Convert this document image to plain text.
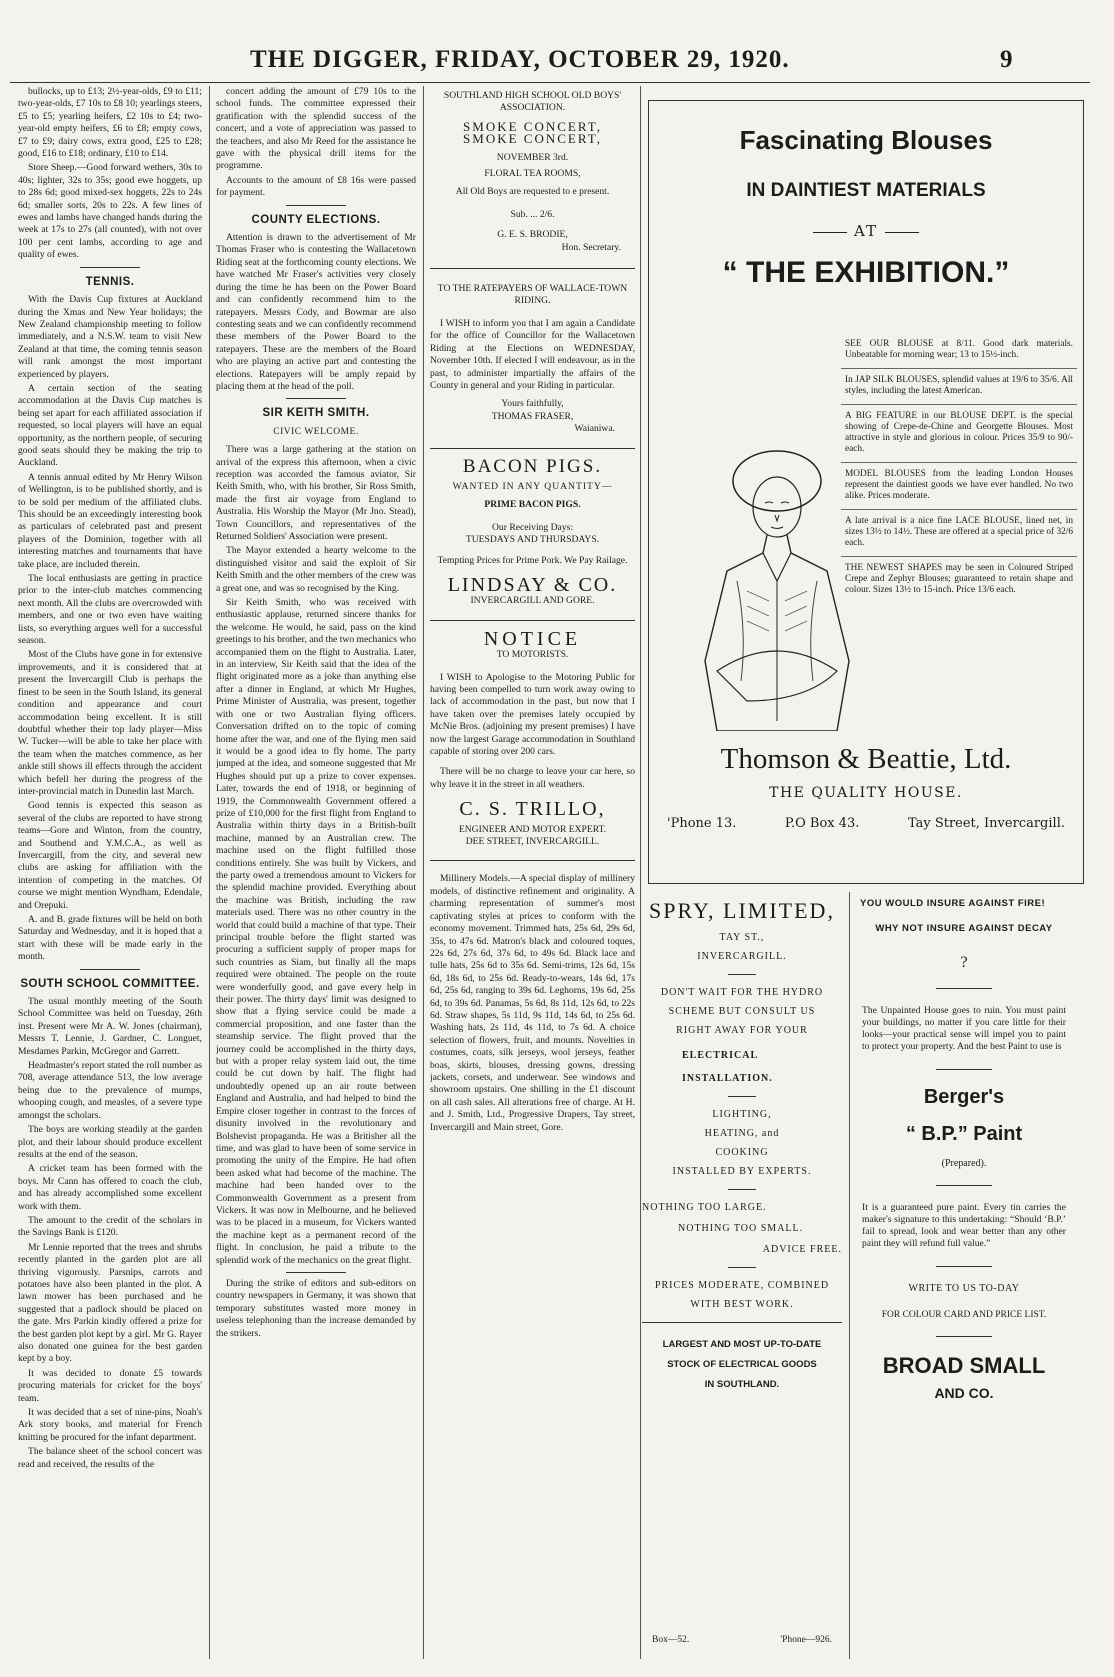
THE DIGGER, FRIDAY, OCTOBER 29, 1920.	9

bullocks, up to £13; 2½-year-olds, £9 to £11; two-year-olds, £7 10s to £8 10; yearlings steers, £5 to £5; yearling heifers, £2 10s to £4; two-year-old empty heifers, £6 to £8; empty cows, £7 to £9; dairy cows, extra good, £25 to £28; good, £16 to £18; ordinary, £10 to £14.

Store Sheep.—Good forward wethers, 30s to 40s; lighter, 32s to 35s; good ewe hoggets, up to 28s 6d; good mixed-sex hoggets, 22s to 24s 6d; smaller sorts, 20s to 22s. A few lines of ewes and lambs have changed hands during the week at 17s to 27s (all counted), with not over 100 per cent lambs, according to age and quality of ewes.

TENNIS.

With the Davis Cup fixtures at Auckland during the Xmas and New Year holidays; the New Zealand championship meeting to follow immediately, and a N.S.W. team to visit New Zealand at that time, the coming tennis season will rank amongst the most important experienced by players.

A certain section of the seating accommodation at the Davis Cup matches is being set apart for each affiliated association if requested, so local players will have an equal opportunity, as the northern people, of securing good seats should they be making the trip to Auckland.

A tennis annual edited by Mr Henry Wilson of Wellington, is to be published shortly, and is to be sold per medium of the affiliated clubs. This should be an exceedingly interesting book as particulars of celebrated past and present players of the Dominion, together with all interesting matches and tournaments that have take place, are included therein.

The local enthusiasts are getting in practice prior to the inter-club matches commencing next month. All the clubs are overcrowded with members, and one or two even have waiting lists, so everything argues well for a successful season.

Most of the Clubs have gone in for extensive improvements, and it is considered that at present the Invercargill Club is perhaps the finest to be seen in the South Island, its general condition and appearance and court accommodation being excellent. It is still doubtful whether their top lady player—Miss W. Tucker—will be able to take her place with the team when the matches commence, as her ankle still shows ill effects through the accident which befell her during the progress of the inter-provincial match in Dunedin last March.

Good tennis is expected this season as several of the clubs are reported to have strong teams—Gore and Winton, from the country, and Southend and Y.M.C.A., as well as Invercargill, from the city, and several new clubs are asking for affiliation with the intention of competing in the matches. Of course we might mention Wyndham, Edendale, and Orepuki.

A. and B. grade fixtures will be held on both Saturday and Wednesday, and it is hoped that a start with these will be made early in the month.

SOUTH SCHOOL COMMITTEE.

The usual monthly meeting of the South School Committee was held on Tuesday, 26th inst. Present were Mr A. W. Jones (chairman), Messrs T. Lennie, J. Gardner, C. Longuet, Mesdames Parkin, McGregor and Garrett.

Headmaster's report stated the roll number as 708, average attendance 513, the low average being due to the prevalence of mumps, whooping cough, and measles, of a severe type amongst the scholars.

The boys are working steadily at the garden plot, and their labour should produce excellent results at the end of the season.

A cricket team has been formed with the boys. Mr Cann has offered to coach the club, and has already accomplished some excellent work with them.

The amount to the credit of the scholars in the Savings Bank is £120.

Mr Lennie reported that the trees and shrubs recently planted in the garden plot are all thriving vigorously. Parsnips, carrots and potatoes have also been planted in the plot. A lawn mower has been purchased and he suggested that a padlock should be placed on the gate. Mrs Parkin kindly offered a prize for the best garden plot kept by a girl. Mr G. Rayer also donated one guinea for the best garden kept by a boy.

It was decided to donate £5 towards procuring materials for cricket for the boys' team.

It was decided that a set of nine-pins, Noah's Ark story books, and material for French knitting be procured for the infant department.

The balance sheet of the school concert was read and received, the results of the

concert adding the amount of £79 10s to the school funds. The committee expressed their gratification with the splendid success of the concert, and a vote of appreciation was passed to the teachers, and also Mr Reed for the assistance he gave with the physical drill items for the programme.

Accounts to the amount of £8 16s were passed for payment.

COUNTY ELECTIONS.

Attention is drawn to the advertisement of Mr Thomas Fraser who is contesting the Wallacetown Riding seat at the forthcoming county elections. We have watched Mr Fraser's activities very closely during the time he has been on the Power Board and can confidently recommend him to the ratepayers. Messrs Cody, and Bowmar are also contesting seats and we can confidently recommend these members of the Power Board to the ratepayers. These are the members of the Board who are playing an active part and contesting the elections. Ratepayers will be amply repaid by placing them at the head of the poll.

SIR KEITH SMITH.
CIVIC WELCOME.

There was a large gathering at the station on arrival of the express this afternoon, when a civic reception was accorded the famous aviator, Sir Keith Smith, who, with his brother, Sir Ross Smith, made the first air voyage from England to Australia. His Worship the Mayor (Mr Jno. Stead), Town Councillors, and representatives of the Returned Soldiers' Association were present.

The Mayor extended a hearty welcome to the distinguished visitor and said the exploit of Sir Keith Smith and the other members of the crew was a great one, and was so recognised by the King.

Sir Keith Smith, who was received with enthusiastic applause, returned sincere thanks for the welcome. He would, he said, pass on the kind greetings to his brother, and the two mechanics who accompanied them on the flight to Australia. Later, in an interview, Sir Keith said that the idea of the flight originated more as a joke than anything else after a dinner in England, at which Mr Hughes, Prime Minister of Australia, was present, together with one or two Australian flying officers. Conversation drifted on to the topic of coming home after the war, and one of the flying men said it would be a good idea to fly home. The party jumped at the idea, and someone suggested that Mr Hughes should put up a prize to cover expenses. Later, towards the end of 1918, or beginning of 1919, the Commonwealth Government offered a prize of £10,000 for the first flight from England to Australia within thirty days in a British-built machine, manned by an Australian crew. The machine used on the flight fulfilled those conditions entirely. She was built by Vickers, and the party owed a tremendous amount to Vickers for the splendid machine provided. Everything about the machine was British, including the raw materials used. There was no other country in the world that could build a machine of that type. Their principal trouble before the flight started was procuring a sufficient supply of proper maps for such countries as Siam, but finally all the maps required were obtained. The people on the route were wonderfully good, and gave every help in their power. The thirty days' limit was designed to show that a flying service could be made a commercial proposition, and one faster than the steamship service. The flight proved that the journey could be accomplished in the thirty days, but with a proper relay system laid out, the time could be cut down by half. The flight had undoubtedly opened up an air route between England and Australia, and had helped to bind the Empire closer together in contrast to the forces of disunity involved in the revolutionary and Bolshevist propaganda. He was a Britisher all the time, and was glad to have been of some service in promoting the unity of the Empire. He had often been asked what had become of the machine. The machine had been handed over to the Commonwealth Government as a present from Vickers. It was now in Melbourne, and he believed was to be placed in a museum, for Vickers wanted the machine kept as a permanent record of the flight. In conclusion, he paid a tribute to the splendid work of the mechanics on the great flight.

During the strike of editors and sub-editors on country newspapers in Germany, it was shown that temporary substitutes wasted more money in useless telephoning than the increase demanded by the strikers.

SOUTHLAND HIGH SCHOOL OLD BOYS' ASSOCIATION.
SMOKE CONCERT,
SMOKE CONCERT,
NOVEMBER 3rd.
FLORAL TEA ROOMS,
All Old Boys are requested to e present.
Sub. ... 2/6.
G. E. S. BRODIE,
Hon. Secretary.
TO THE RATEPAYERS OF WALLACE-TOWN RIDING.

I WISH to inform you that I am again a Candidate for the office of Councillor for the Wallacetown Riding at the Elections on WEDNESDAY, November 10th. If elected I will endeavour, as in the past, to administer impartially the affairs of the County in general and your Riding in particular.

Yours faithfully,
THOMAS FRASER,
Waianiwa.
BACON PIGS.
WANTED IN ANY QUANTITY—
PRIME BACON PIGS.
Our Receiving Days:
TUESDAYS AND THURSDAYS.
Tempting Prices for Prime Pork. We Pay Railage.
LINDSAY & CO.
INVERCARGILL AND GORE.
NOTICE
TO MOTORISTS.

I WISH to Apologise to the Motoring Public for having been compelled to turn work away owing to lack of accommodation in the past, but now that I have taken over the premises lately occupied by McNie Bros. (adjoining my present premises) I have now the largest Garage accommodation in Southland capable of storing over 200 cars.

There will be no charge to leave your car here, so why leave it in the street in all weathers.

C. S. TRILLO,
ENGINEER AND MOTOR EXPERT.
DEE STREET, INVERCARGILL.

Millinery Models.—A special display of millinery models, of distinctive refinement and originality. A charming representation of summer's most captivating styles at prices to conform with the economy movement. Trimmed hats, 25s 6d, 29s 6d, 35s, to 47s 6d. Matron's black and coloured toques, 22s 6d, 27s 6d, 37s 6d, to 49s 6d. Black lace and tulle hats, 25s 6d to 35s 6d. Semi-trims, 12s 6d, 15s 6d, 18s 6d, to 25s 6d. Ready-to-wears, 14s 6d, 17s 6d, 25s 6d, ranging to 39s 6d. Leghorns, 19s 6d, 25s 6d, to 39s 6d. Panamas, 5s 6d, 8s 11d, 12s 6d, to 22s 6d. Straw shapes, 5s 11d, 9s 11d, 14s 6d, to 25s 6d. Washing hats, 2s 11d, 4s 11d, to 7s 6d. A choice selection of flowers, fruit, and mounts. Novelties in costumes, coats, silk jerseys, wool jerseys, feather boas, skirts, blouses, dressing gowns, dressing jackets, corsets, and underwear. See windows and showroom upstairs. One shilling in the £1 discount on all cash sales. All alterations free of charge. At H. and J. Smith, Ltd., Progressive Drapers, Tay street, Invercargill and Main street, Gore.

Fascinating Blouses
IN DAINTIEST MATERIALS
AT
“ THE EXHIBITION.”
SEE OUR BLOUSE at 8/11. Good dark materials. Unbeatable for morning wear; 13 to 15½-inch.
In JAP SILK BLOUSES, splendid values at 19/6 to 35/6. All styles, including the latest American.
A BIG FEATURE in our BLOUSE DEPT. is the special showing of Crepe-de-Chine and Georgette Blouses. Most attractive in style and glorious in colour. Prices 35/9 to 90/- each.
MODEL BLOUSES from the leading London Houses represent the daintiest goods we have ever handled. No two alike. Prices moderate.
A late arrival is a nice fine LACE BLOUSE, lined net, in sizes 13½ to 14½. These are offered at a special price of 32/6 each.
THE NEWEST SHAPES may be seen in Coloured Striped Crepe and Zephyr Blouses; guaranteed to retain shape and colour. Sizes 13½ to 15-inch. Price 13/6 each.
Thomson & Beattie, Ltd.
THE QUALITY HOUSE.
'Phone 13.	P.O Box 43.	Tay Street, Invercargill.
SPRY, LIMITED,
TAY ST.,
INVERCARGILL.
DON'T WAIT FOR THE HYDRO
SCHEME BUT CONSULT US
RIGHT AWAY FOR YOUR
ELECTRICAL
INSTALLATION.
LIGHTING,
HEATING, and
COOKING
INSTALLED BY EXPERTS.
NOTHING TOO LARGE.
NOTHING TOO SMALL.
ADVICE FREE.
PRICES MODERATE, COMBINED
WITH BEST WORK.
LARGEST AND MOST UP-TO-DATE
STOCK OF ELECTRICAL GOODS
IN SOUTHLAND.
Box—52.	'Phone—926.
YOU WOULD INSURE AGAINST FIRE!
WHY NOT INSURE AGAINST DECAY
?
The Unpainted House goes to ruin. You must paint your buildings, no matter if you care little for their looks—your practical sense will impel you to paint to protect your property. And the best Paint to use is
Berger's
“ B.P.” Paint
(Prepared).
It is a guaranteed pure paint. Every tin carries the maker's signature to this undertaking: “Should ‘B.P.’ fail to spread, look and wear better than any other paint they will refund full value.”
WRITE TO US TO-DAY
FOR COLOUR CARD AND PRICE LIST.
BROAD SMALL
AND CO.
